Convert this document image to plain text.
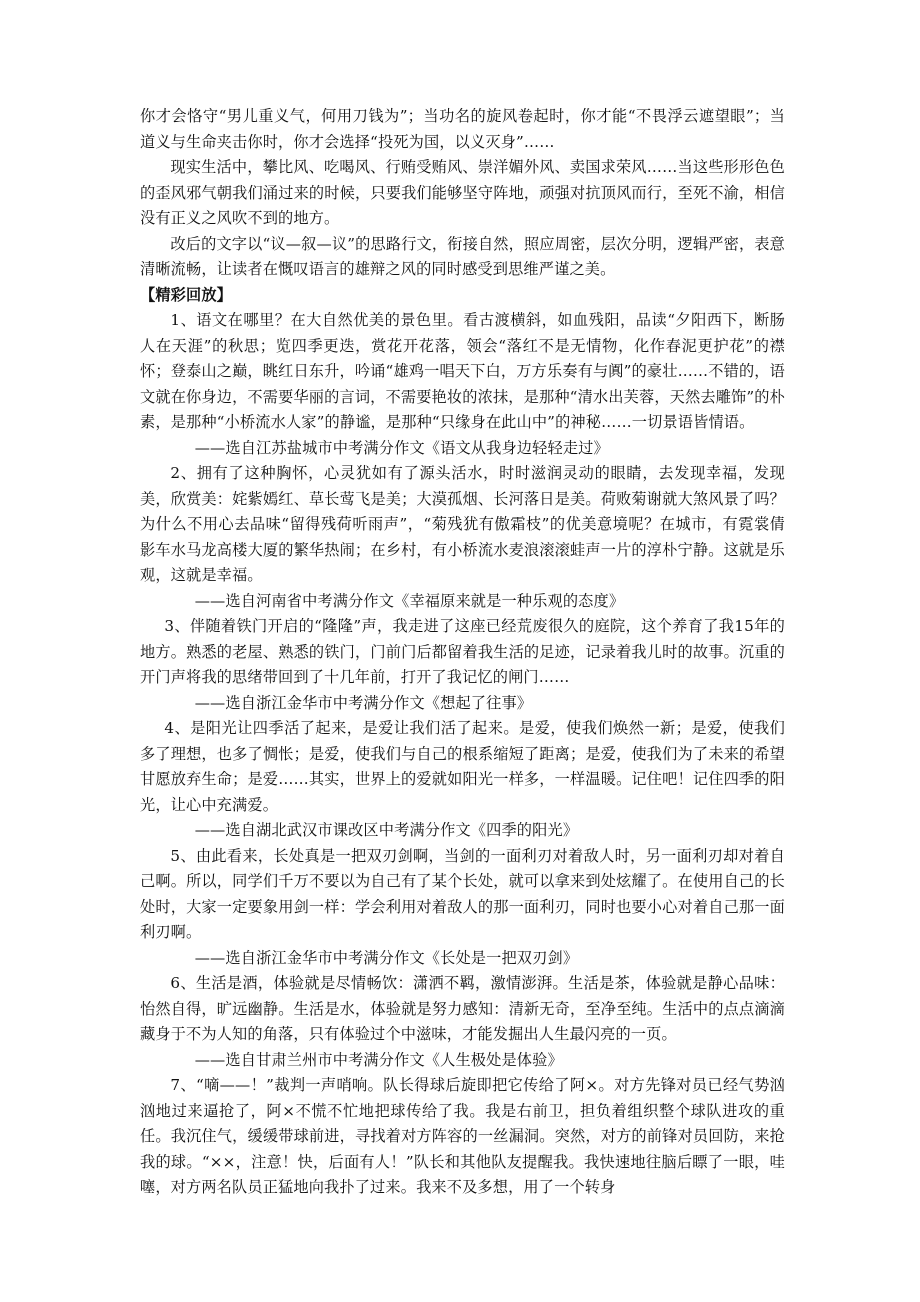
你才会恪守“男儿重义气，何用刀钱为”；当功名的旋风卷起时，你才能“不畏浮云遮望眼”；当道义与生命夹击你时，你才会选择“投死为国，以义灭身”……

现实生活中，攀比风、吃喝风、行贿受贿风、崇洋媚外风、卖国求荣风……当这些形形色色的歪风邪气朝我们涌过来的时候，只要我们能够坚守阵地，顽强对抗顶风而行，至死不渝，相信没有正义之风吹不到的地方。

改后的文字以“议—叙—议”的思路行文，衔接自然，照应周密，层次分明，逻辑严密，表意清晰流畅，让读者在慨叹语言的雄辩之风的同时感受到思维严谨之美。

【精彩回放】

1、语文在哪里？在大自然优美的景色里。看古渡横斜，如血残阳，品读“夕阳西下，断肠人在天涯”的秋思；览四季更迭，赏花开花落，领会“落红不是无情物，化作春泥更护花”的襟怀；登泰山之巅，眺红日东升，吟诵“雄鸡一唱天下白，万方乐奏有与阗”的豪壮……不错的，语文就在你身边，不需要华丽的言词，不需要艳妆的浓抹，是那种“清水出芙蓉，天然去雕饰”的朴素，是那种“小桥流水人家”的静谧，是那种“只缘身在此山中”的神秘……一切景语皆情语。

——选自江苏盐城市中考满分作文《语文从我身边轻轻走过》

2、拥有了这种胸怀，心灵犹如有了源头活水，时时滋润灵动的眼睛，去发现幸福，发现美，欣赏美：姹紫嫣红、草长莺飞是美；大漠孤烟、长河落日是美。荷败菊谢就大煞风景了吗？为什么不用心去品味“留得残荷听雨声”，“菊残犹有傲霜枝”的优美意境呢？在城市，有霓裳倩影车水马龙高楼大厦的繁华热闹；在乡村，有小桥流水麦浪滚滚蛙声一片的淳朴宁静。这就是乐观，这就是幸福。

——选自河南省中考满分作文《幸福原来就是一种乐观的态度》

3、伴随着铁门开启的“隆隆”声，我走进了这座已经荒废很久的庭院，这个养育了我15年的地方。熟悉的老屋、熟悉的铁门，门前门后都留着我生活的足迹，记录着我儿时的故事。沉重的开门声将我的思绪带回到了十几年前，打开了我记忆的闸门……

——选自浙江金华市中考满分作文《想起了往事》

4、是阳光让四季活了起来，是爱让我们活了起来。是爱，使我们焕然一新；是爱，使我们多了理想，也多了惆怅；是爱，使我们与自己的根系缩短了距离；是爱，使我们为了未来的希望甘愿放弃生命；是爱……其实，世界上的爱就如阳光一样多，一样温暖。记住吧！记住四季的阳光，让心中充满爱。

——选自湖北武汉市课改区中考满分作文《四季的阳光》

5、由此看来，长处真是一把双刃剑啊，当剑的一面利刃对着敌人时，另一面利刃却对着自己啊。所以，同学们千万不要以为自己有了某个长处，就可以拿来到处炫耀了。在使用自己的长处时，大家一定要象用剑一样：学会利用对着敌人的那一面利刃，同时也要小心对着自己那一面利刃啊。

——选自浙江金华市中考满分作文《长处是一把双刃剑》

6、生活是酒，体验就是尽情畅饮：潇洒不羁，激情澎湃。生活是茶，体验就是静心品味：怡然自得，旷远幽静。生活是水，体验就是努力感知：清新无奇，至净至纯。生活中的点点滴滴藏身于不为人知的角落，只有体验过个中滋味，才能发掘出人生最闪亮的一页。

——选自甘肃兰州市中考满分作文《人生极处是体验》

7、“嘀——！”裁判一声哨响。队长得球后旋即把它传给了阿×。对方先锋对员已经气势汹汹地过来逼抢了，阿×不慌不忙地把球传给了我。我是右前卫，担负着组织整个球队进攻的重任。我沉住气，缓缓带球前进，寻找着对方阵容的一丝漏洞。突然，对方的前锋对员回防，来抢我的球。“××，注意！快，后面有人！”队长和其他队友提醒我。我快速地往脑后瞟了一眼，哇噻，对方两名队员正猛地向我扑了过来。我来不及多想，用了一个转身
